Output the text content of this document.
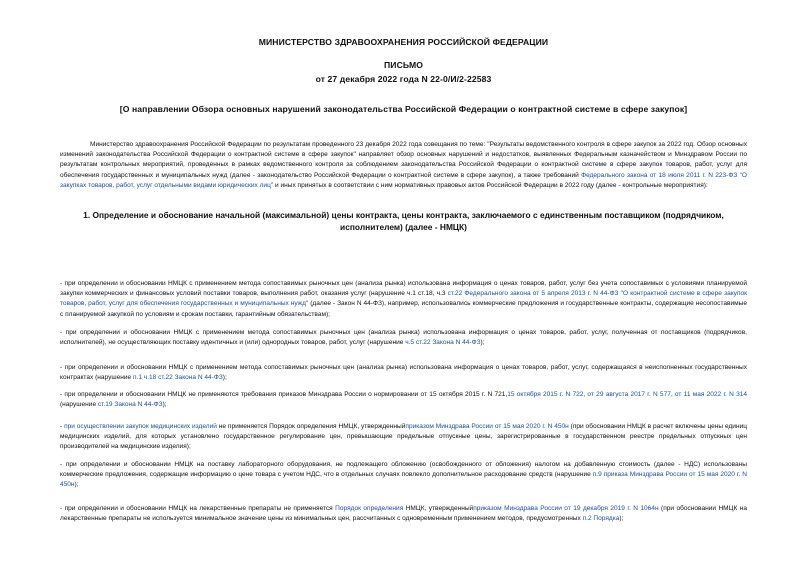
МИНИСТЕРСТВО ЗДРАВООХРАНЕНИЯ РОССИЙСКОЙ ФЕДЕРАЦИИ
ПИСЬМО
от 27 декабря 2022 года N 22-0/И/2-22583
[О направлении Обзора основных нарушений законодательства Российской Федерации о контрактной системе в сфере закупок]
Министерство здравоохранения Российской Федерации по результатам проведенного 23 декабря 2022 года совещания по теме: "Результаты ведомственного контроля в сфере закупок за 2022 год. Обзор основных изменений законодательства Российской Федерации о контрактной системе в сфере закупок" направляет обзор основных нарушений и недостатков, выявленных Федеральным казначейством и Минздравом России по результатам контрольных мероприятий, проведенных в рамках ведомственного контроля за соблюдением законодательства Российской Федерации о контрактной системе в сфере закупок товаров, работ, услуг для обеспечения государственных и муниципальных нужд (далее - законодательство Российской Федерации о контрактной системе в сфере закупок), а также требований Федерального закона от 18 июля 2011 г. N 223-ФЗ "О закупках товаров, работ, услуг отдельными видами юридических лиц" и иных принятых в соответствии с ним нормативных правовых актов Российской Федерации в 2022 году (далее - контрольные мероприятия):
1. Определение и обоснование начальной (максимальной) цены контракта, цены контракта, заключаемого с единственным поставщиком (подрядчиком, исполнителем) (далее - НМЦК)
- при определении и обосновании НМЦК с применением метода сопоставимых рыночных цен (анализа рынка) использована информация о ценах товаров, работ, услуг без учета сопоставимых с условиями планируемой закупки коммерческих и финансовых условий поставки товаров, выполнения работ, оказания услуг (нарушение ч.1 ст.18, ч.3 ст.22 Федерального закона от 5 апреля 2013 г. N 44-ФЗ "О контрактной системе в сфере закупок товаров, работ, услуг для обеспечения государственных и муниципальных нужд" (далее - Закон N 44-ФЗ), например, использовались коммерческие предложения и государственные контракты, содержащие несопоставимые с планируемой закупкой по условиям и срокам поставки, гарантийным обязательствам);
- при определении и обосновании НМЦК с применением метода сопоставимых рыночных цен (анализа рынка) использована информация о ценах товаров, работ, услуг, полученная от поставщиков (подрядчиков, исполнителей), не осуществляющих поставку идентичных и (или) однородных товаров, работ, услуг (нарушение ч.5 ст.22 Закона N 44-ФЗ);
- при определении и обосновании НМЦК с применением метода сопоставимых рыночных цен (анализа рынка) использована информация о ценах товаров, работ, услуг, содержащаяся в неисполненных государственных контрактах (нарушение п.1 ч.18 ст.22 Закона N 44-ФЗ);
- при определении и обосновании НМЦК не применяются требования приказов Минздрава России о нормировании от 15 октября 2015 г. N 721,15 октября 2015 г. N 722, от 29 августа 2017 г. N 577, от 11 мая 2022 г. N 314 (нарушение ст.19 Закона N 44-ФЗ);
- при осуществлении закупок медицинских изделий не применяется Порядок определения НМЦК, утвержденныйприказом Минздрава России от 15 мая 2020 г. N 450н (при обосновании НМЦК в расчет включены цены единиц медицинских изделий, для которых установлено государственное регулирование цен, превышающие предельные отпускные цены, зарегистрированные в государственном реестре предельных отпускных цен производителей на медицинские изделия);
- при определении и обосновании НМЦК на поставку лабораторного оборудования, не подлежащего обложению (освобожденного от обложения) налогом на добавленную стоимость (далее - НДС) использованы коммерческие предложения, содержащие информацию о цене товара с учетом НДС, что в отдельных случаях повлекло дополнительное расходование средств (нарушение п.9 приказа Минздрава России от 15 мая 2020 г. N 450н);
- при определении и обосновании НМЦК на лекарственные препараты не применяется Порядок определения НМЦК, утвержденныйприказом Минздрава России от 19 декабря 2019 г. N 1064н (при обосновании НМЦК на лекарственные препараты не используется минимальное значение цены из минимальных цен, рассчитанных с одновременным применением методов, предусмотренных п.2 Порядка);
